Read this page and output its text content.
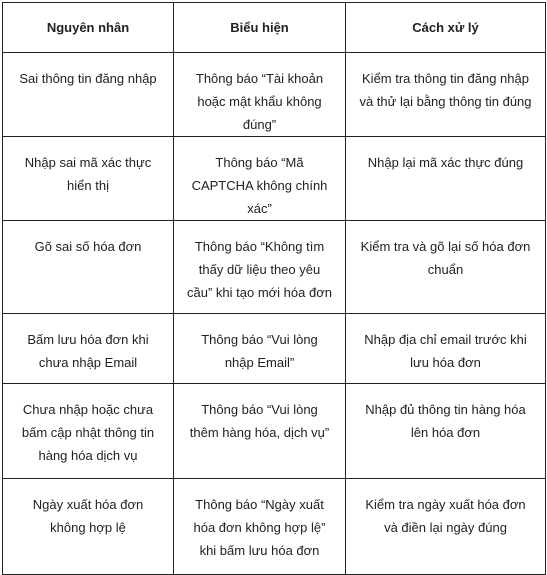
Nguyên nhân	Biểu hiện	Cách xử lý
Sai thông tin đăng nhập	Thông báo “Tài khoản hoặc mật khẩu không đúng”	Kiểm tra thông tin đăng nhập và thử lại bằng thông tin đúng
Nhập sai mã xác thực hiển thị	Thông báo “Mã CAPTCHA không chính xác”	Nhập lại mã xác thực đúng
Gõ sai số hóa đơn	Thông báo “Không tìm thấy dữ liệu theo yêu cầu” khi tạo mới hóa đơn	Kiểm tra và gõ lại số hóa đơn chuẩn
Bấm lưu hóa đơn khi chưa nhập Email	Thông báo “Vui lòng nhập Email”	Nhập địa chỉ email trước khi lưu hóa đơn
Chưa nhập hoặc chưa bấm cập nhật thông tin hàng hóa dịch vụ	Thông báo “Vui lòng thêm hàng hóa, dịch vụ”	Nhập đủ thông tin hàng hóa lên hóa đơn
Ngày xuất hóa đơn không hợp lệ	Thông báo “Ngày xuất hóa đơn không hợp lệ” khi bấm lưu hóa đơn	Kiểm tra ngày xuất hóa đơn và điền lại ngày đúng
